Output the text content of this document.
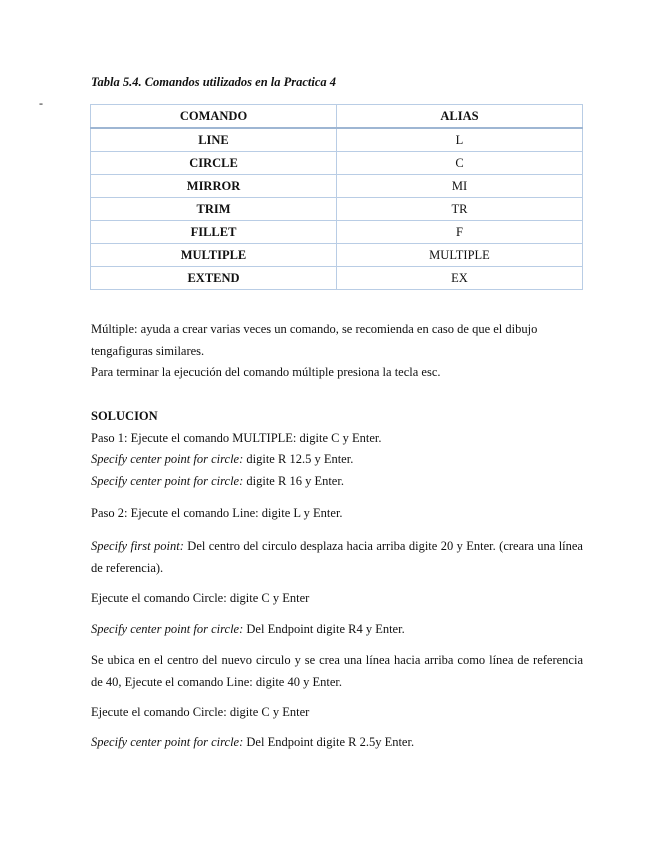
-
Tabla 5.4. Comandos utilizados en la Practica 4
COMANDO	ALIAS
LINE	L
CIRCLE	C
MIRROR	MI
TRIM	TR
FILLET	F
MULTIPLE	MULTIPLE
EXTEND	EX

Múltiple: ayuda a crear varias veces un comando, se recomienda en caso de que el dibujo

tengafiguras similares.

Para terminar la ejecución del comando múltiple presiona la tecla esc.

SOLUCION

Paso 1: Ejecute el comando MULTIPLE: digite C y Enter.

Specify center point for circle: digite R 12.5 y Enter.

Specify center point for circle: digite R 16 y Enter.

Paso 2: Ejecute el comando Line: digite L y Enter.

Specify first point: Del centro del circulo desplaza hacia arriba digite 20 y Enter. (creara una línea de referencia).

Ejecute el comando Circle: digite C y Enter

Specify center point for circle: Del Endpoint digite R4 y Enter.

Se ubica en el centro del nuevo circulo y se crea una línea hacia arriba como línea de referencia de 40, Ejecute el comando Line: digite 40 y Enter.

Ejecute el comando Circle: digite C y Enter

Specify center point for circle: Del Endpoint digite R 2.5y Enter.
